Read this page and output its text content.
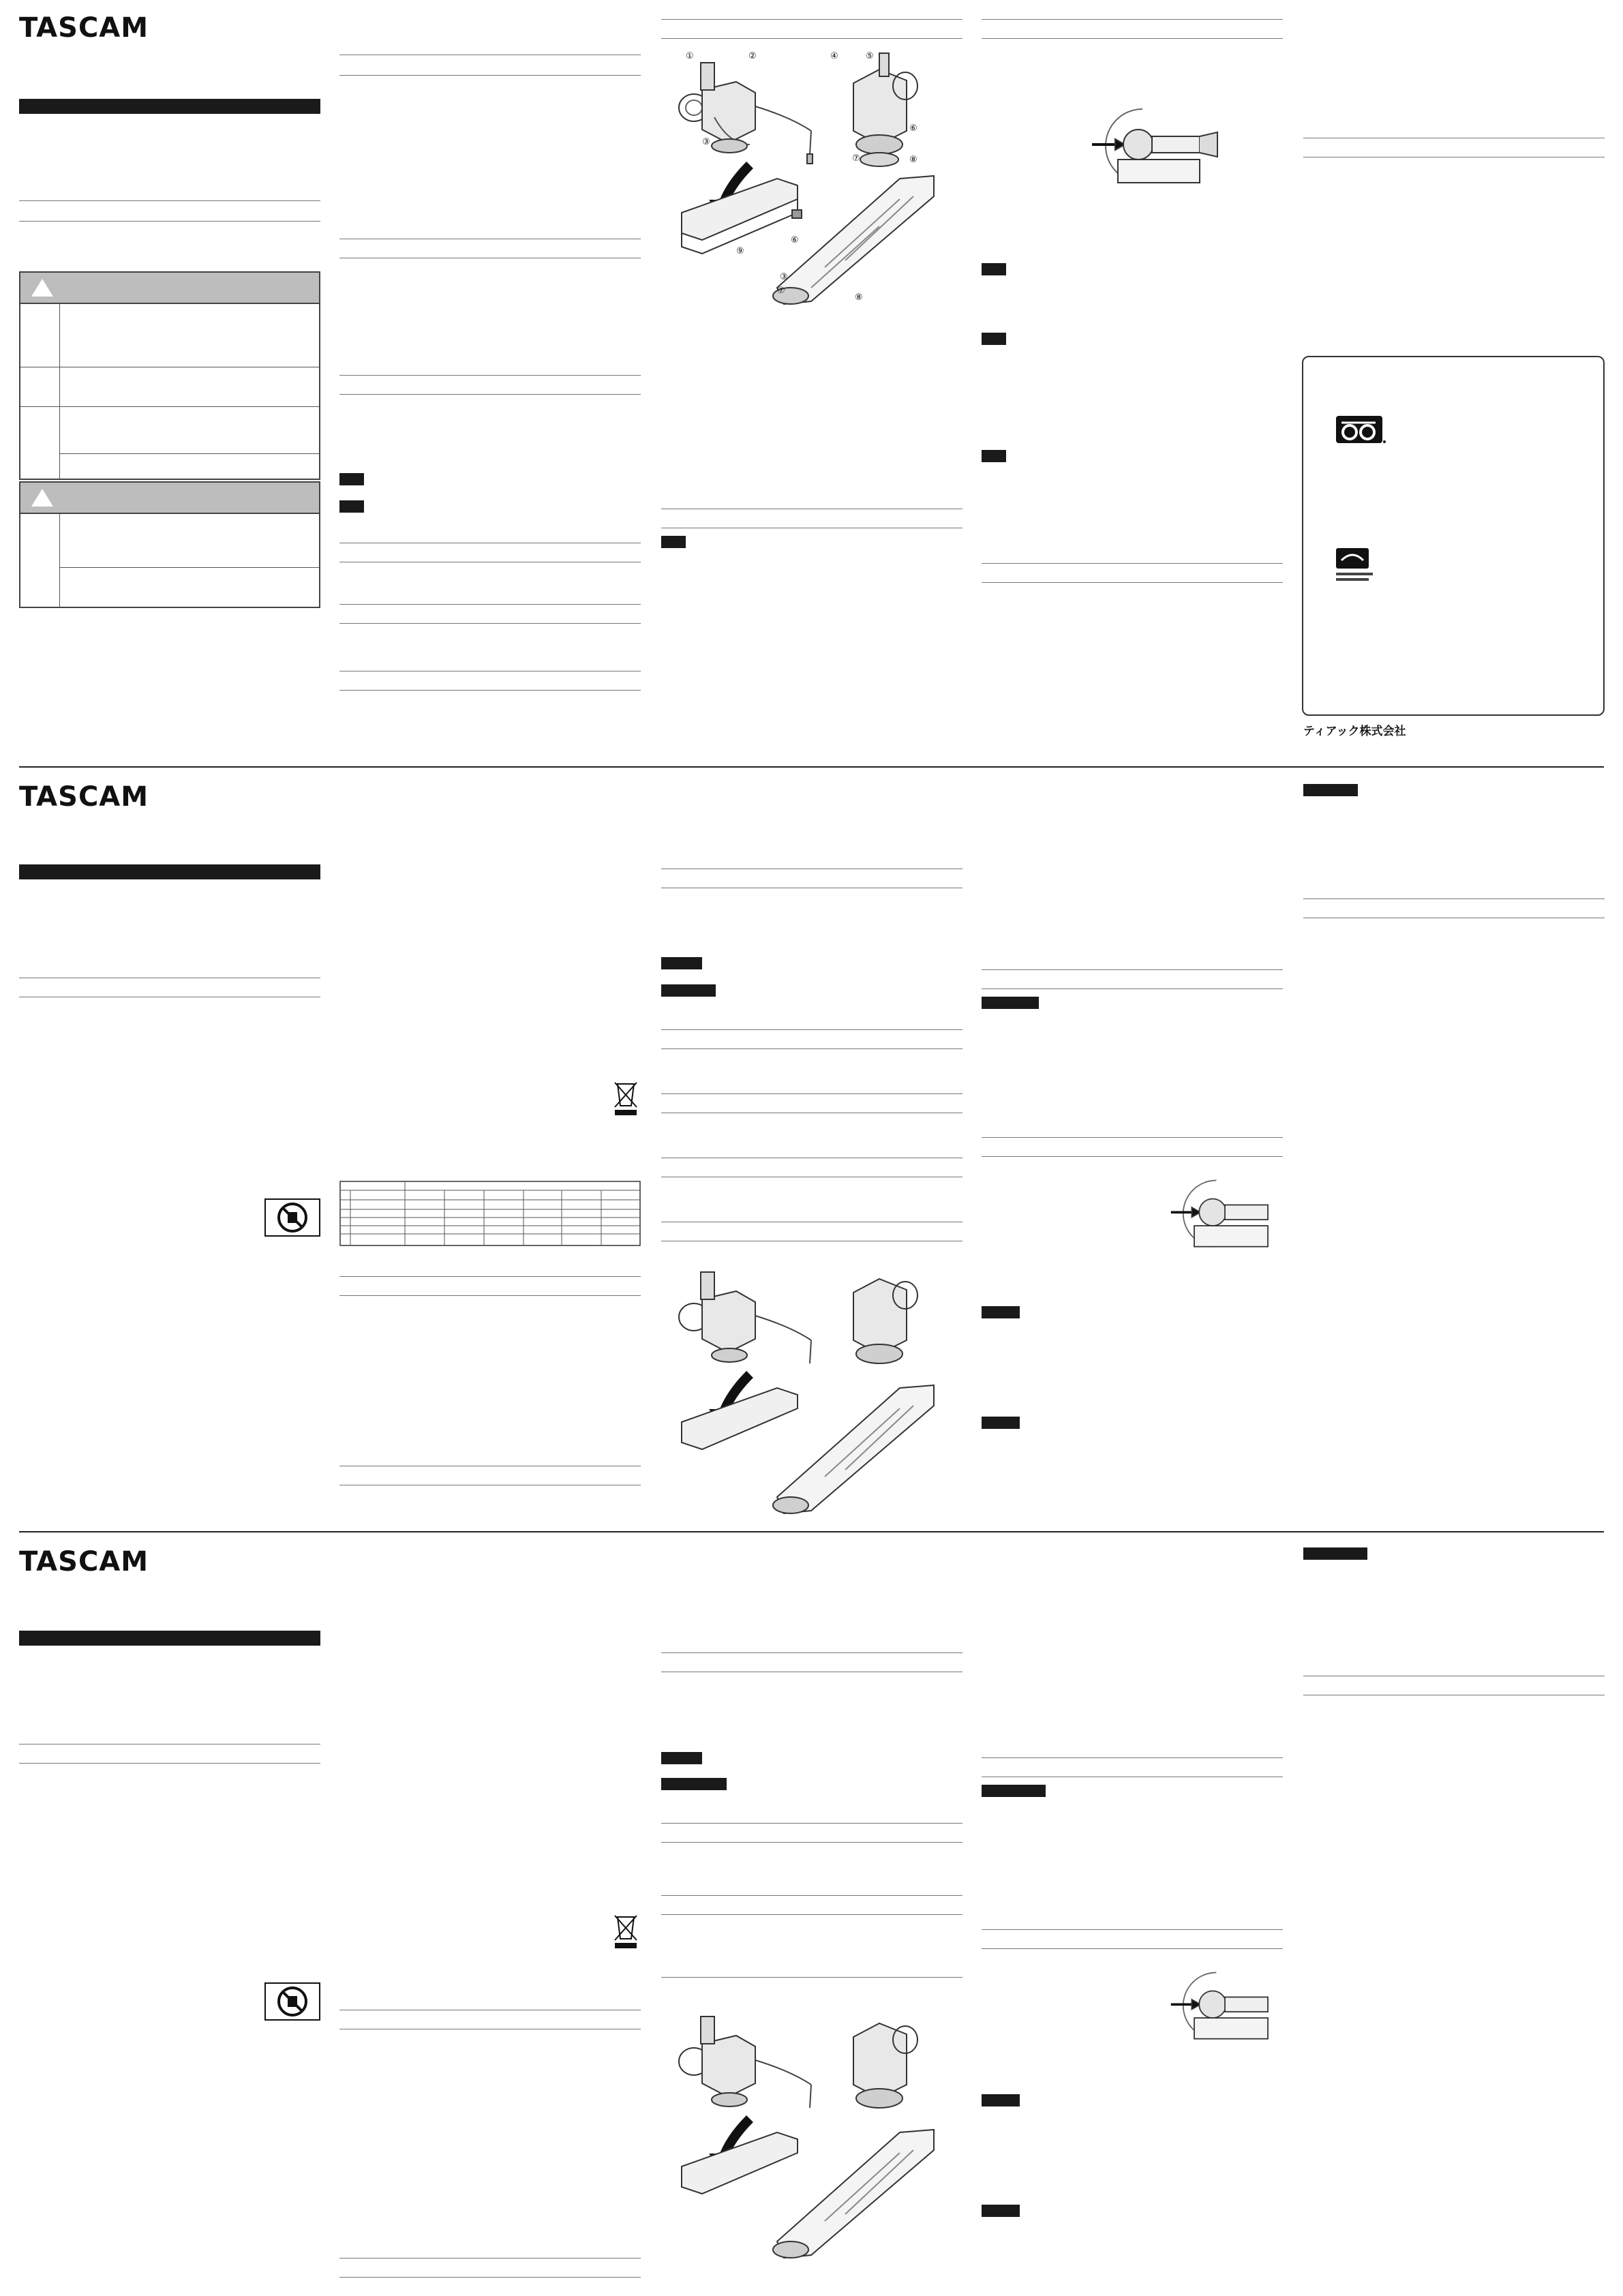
TASCAM
①	②	④	⑤
③
⑥
⑨
⑥
③
⑦	⑧
⑦
⑧
ティアック株式会社
TASCAM
TASCAM
